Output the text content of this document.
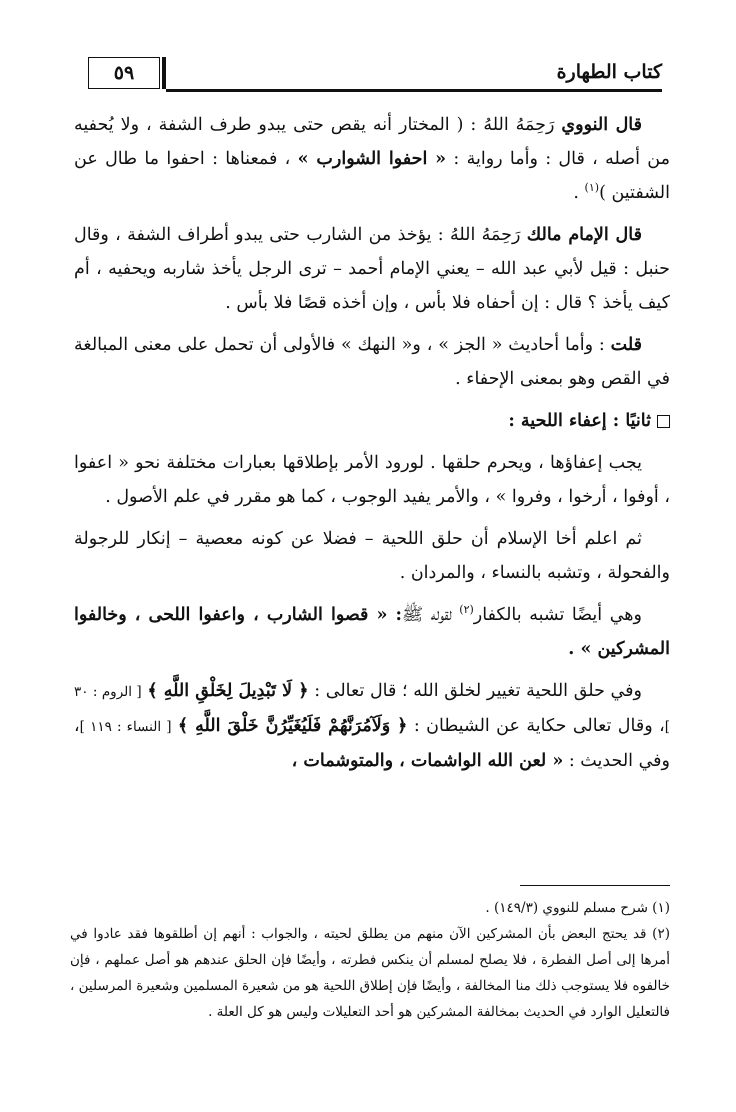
كتاب الطهارة
٥٩

قال النووي رَحِمَهُ اللهُ : ( المختار أنه يقص حتى يبدو طرف الشفة ، ولا يُحفيه من أصله ، قال : وأما رواية : « احفوا الشوارب » ، فمعناها : احفوا ما طال عن الشفتين )$^{(١)}$ .

قال الإمام مالك رَحِمَهُ اللهُ : يؤخذ من الشارب حتى يبدو أطراف الشفة ، وقال حنبل : قيل لأبي عبد الله – يعني الإمام أحمد – ترى الرجل يأخذ شاربه ويحفيه ، أم كيف يأخذ ؟ قال : إن أحفاه فلا بأس ، وإن أخذه قصًا فلا بأس .

قلت : وأما أحاديث « الجز » ، و« النهك » فالأولى أن تحمل على معنى المبالغة في القص وهو بمعنى الإحفاء .

ثانيًا : إعفاء اللحية :

يجب إعفاؤها ، ويحرم حلقها . لورود الأمر بإطلاقها بعبارات مختلفة نحو « اعفوا ، أوفوا ، أرخوا ، وفروا » ، والأمر يفيد الوجوب ، كما هو مقرر في علم الأصول .

ثم اعلم أخا الإسلام أن حلق اللحية – فضلا عن كونه معصية – إنكار للرجولة والفحولة ، وتشبه بالنساء ، والمردان .

وهي أيضًا تشبه بالكفار$^{(٢)}$ لقوله ﷺ: « قصوا الشارب ، واعفوا اللحى ، وخالفوا المشركين » .

وفي حلق اللحية تغيير لخلق الله ؛ قال تعالى : ﴿ لَا تَبْدِيلَ لِخَلْقِ اللَّهِ ﴾ [ الروم : ٣٠ ]، وقال تعالى حكاية عن الشيطان : ﴿ وَلَآمُرَنَّهُمْ فَلَيُغَيِّرُنَّ خَلْقَ اللَّهِ ﴾ [ النساء : ١١٩ ]، وفي الحديث : « لعن الله الواشمات ، والمتوشمات ،

(١) شرح مسلم للنووي (١٤٩/٣) .

(٢) قد يحتج البعض بأن المشركين الآن منهم من يطلق لحيته ، والجواب : أنهم إن أطلقوها فقد عادوا في أمرها إلى أصل الفطرة ، فلا يصلح لمسلم أن ينكس فطرته ، وأيضًا فإن الحلق عندهم هو أصل عملهم ، فإن خالفوه فلا يستوجب ذلك منا المخالفة ، وأيضًا فإن إطلاق اللحية هو من شعيرة المسلمين وشعيرة المرسلين ، فالتعليل الوارد في الحديث بمخالفة المشركين هو أحد التعليلات وليس هو كل العلة .
